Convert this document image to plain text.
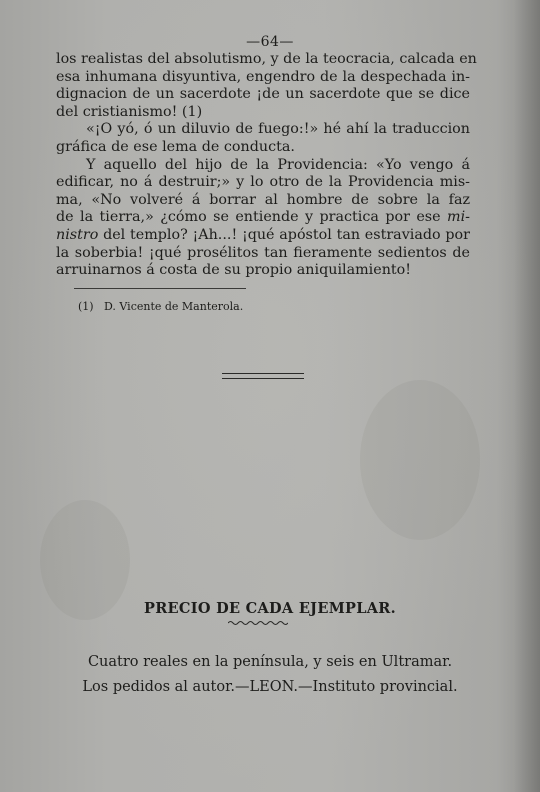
—64—
los realistas del absolutismo, y de la teocracia, calcada en
esa inhumana disyuntiva, engendro de la despechada in-
dignacion de un sacerdote ¡de un sacerdote que se dice
del cristianismo! (1)
«¡O yó, ó un diluvio de fuego:!» hé ahí la traduccion
gráfica de ese lema de conducta.
Y aquello del hijo de la Providencia: «Yo vengo á
edificar, no á destruir;» y lo otro de la Providencia mis-
ma, «No volveré á borrar al hombre de sobre la faz
de la tierra,» ¿cómo se entiende y practica por ese mi-
nistro del templo? ¡Ah...! ¡qué apóstol tan estraviado por
la soberbia! ¡qué prosélitos tan fieramente sedientos de
arruinarnos á costa de su propio aniquilamiento!
(1) D. Vicente de Manterola.
PRECIO DE CADA EJEMPLAR.
Cuatro reales en la península, y seis en Ultramar.
Los pedidos al autor.—LEON.—Instituto provincial.
